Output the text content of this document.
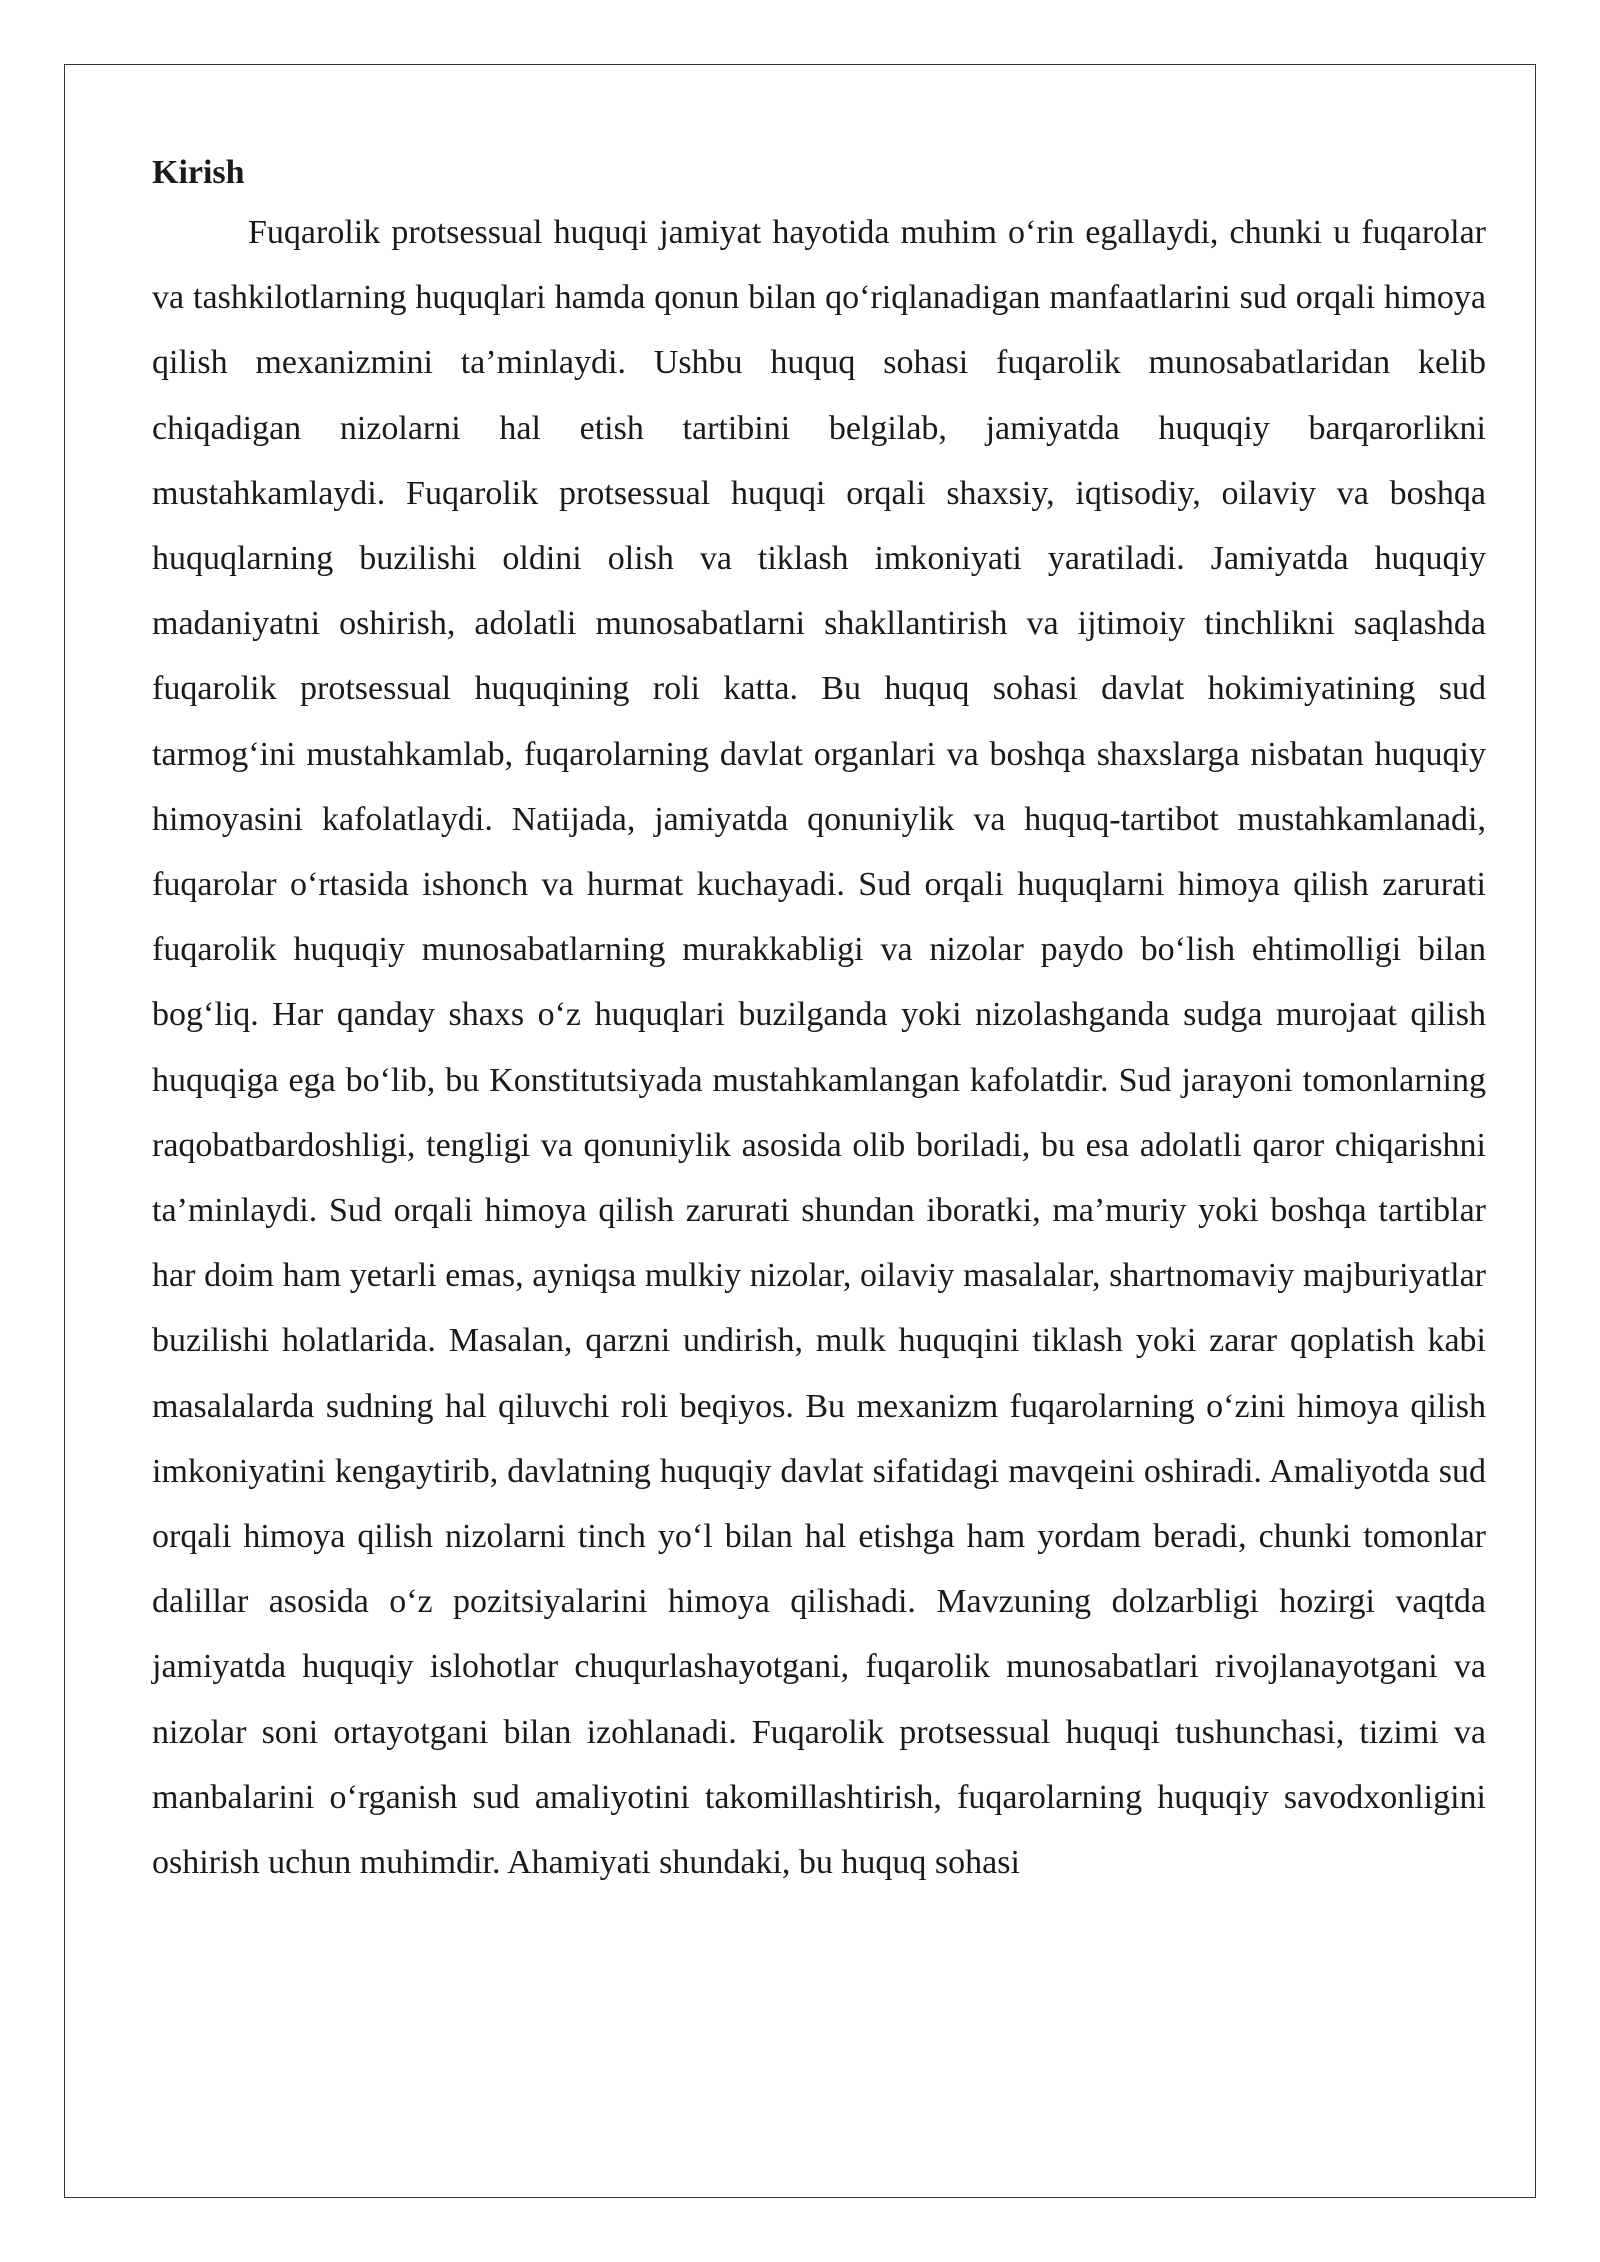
Kirish

Fuqarolik protsessual huquqi jamiyat hayotida muhim o‘rin egallaydi, chunki u fuqarolar va tashkilotlarning huquqlari hamda qonun bilan qo‘riqlanadigan manfaatlarini sud orqali himoya qilish mexanizmini ta’minlaydi. Ushbu huquq sohasi fuqarolik munosabatlaridan kelib chiqadigan nizolarni hal etish tartibini belgilab, jamiyatda huquqiy barqarorlikni mustahkamlaydi. Fuqarolik protsessual huquqi orqali shaxsiy, iqtisodiy, oilaviy va boshqa huquqlarning buzilishi oldini olish va tiklash imkoniyati yaratiladi. Jamiyatda huquqiy madaniyatni oshirish, adolatli munosabatlarni shakllantirish va ijtimoiy tinchlikni saqlashda fuqarolik protsessual huquqining roli katta. Bu huquq sohasi davlat hokimiyatining sud tarmog‘ini mustahkamlab, fuqarolarning davlat organlari va boshqa shaxslarga nisbatan huquqiy himoyasini kafolatlaydi. Natijada, jamiyatda qonuniylik va huquq-tartibot mustahkamlanadi, fuqarolar o‘rtasida ishonch va hurmat kuchayadi. Sud orqali huquqlarni himoya qilish zarurati fuqarolik huquqiy munosabatlarning murakkabligi va nizolar paydo bo‘lish ehtimolligi bilan bog‘liq. Har qanday shaxs o‘z huquqlari buzilganda yoki nizolashganda sudga murojaat qilish huquqiga ega bo‘lib, bu Konstitutsiyada mustahkamlangan kafolatdir. Sud jarayoni tomonlarning raqobatbardoshligi, tengligi va qonuniylik asosida olib boriladi, bu esa adolatli qaror chiqarishni ta’minlaydi. Sud orqali himoya qilish zarurati shundan iboratki, ma’muriy yoki boshqa tartiblar har doim ham yetarli emas, ayniqsa mulkiy nizolar, oilaviy masalalar, shartnomaviy majburiyatlar buzilishi holatlarida. Masalan, qarzni undirish, mulk huquqini tiklash yoki zarar qoplatish kabi masalalarda sudning hal qiluvchi roli beqiyos. Bu mexanizm fuqarolarning o‘zini himoya qilish imkoniyatini kengaytirib, davlatning huquqiy davlat sifatidagi mavqeini oshiradi. Amaliyotda sud orqali himoya qilish nizolarni tinch yo‘l bilan hal etishga ham yordam beradi, chunki tomonlar dalillar asosida o‘z pozitsiyalarini himoya qilishadi. Mavzuning dolzarbligi hozirgi vaqtda jamiyatda huquqiy islohotlar chuqurlashayotgani, fuqarolik munosabatlari rivojlanayotgani va nizolar soni ortayotgani bilan izohlanadi. Fuqarolik protsessual huquqi tushunchasi, tizimi va manbalarini o‘rganish sud amaliyotini takomillashtirish, fuqarolarning huquqiy savodxonligini oshirish uchun muhimdir. Ahamiyati shundaki, bu huquq sohasi
